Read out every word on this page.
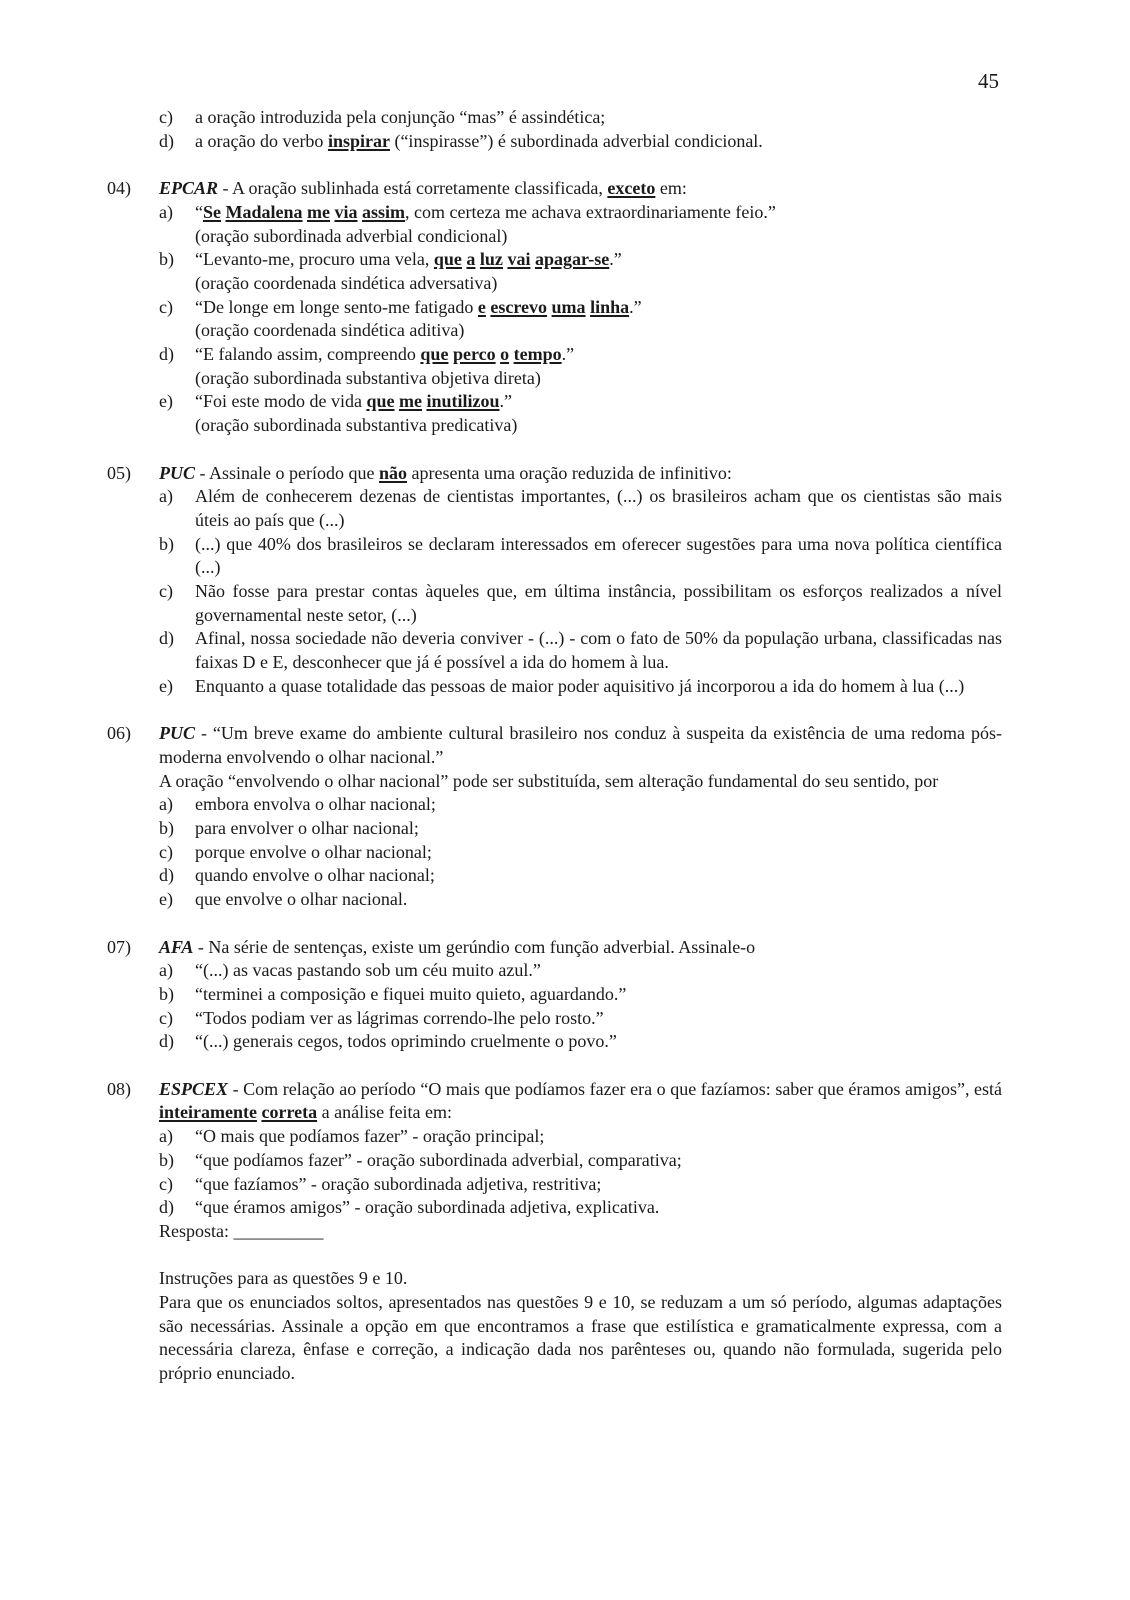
45
c) a oração introduzida pela conjunção “mas” é assindética;
d) a oração do verbo inspirar (“inspirasse”) é subordinada adverbial condicional.
04) EPCAR - A oração sublinhada está corretamente classificada, exceto em:
a) “Se Madalena me via assim, com certeza me achava extraordinariamente feio.”
(oração subordinada adverbial condicional)
b) “Levanto-me, procuro uma vela, que a luz vai apagar-se.”
(oração coordenada sindética adversativa)
c) “De longe em longe sento-me fatigado e escrevo uma linha.”
(oração coordenada sindética aditiva)
d) “E falando assim, compreendo que perco o tempo.”
(oração subordinada substantiva objetiva direta)
e) “Foi este modo de vida que me inutilizou.”
(oração subordinada substantiva predicativa)
05) PUC - Assinale o período que não apresenta uma oração reduzida de infinitivo:
a) Além de conhecerem dezenas de cientistas importantes, (...) os brasileiros acham que os cientistas são mais úteis ao país que (...)
b) (...) que 40% dos brasileiros se declaram interessados em oferecer sugestões para uma nova política científica (...)
c) Não fosse para prestar contas àqueles que, em última instância, possibilitam os esforços realizados a nível governamental neste setor, (...)
d) Afinal, nossa sociedade não deveria conviver - (...) - com o fato de 50% da população urbana, classificadas nas faixas D e E, desconhecer que já é possível a ida do homem à lua.
e) Enquanto a quase totalidade das pessoas de maior poder aquisitivo já incorporou a ida do homem à lua (...)
06) PUC - “Um breve exame do ambiente cultural brasileiro nos conduz à suspeita da existência de uma redoma pós-moderna envolvendo o olhar nacional.”
A oração “envolvendo o olhar nacional” pode ser substituída, sem alteração fundamental do seu sentido, por
a) embora envolva o olhar nacional;
b) para envolver o olhar nacional;
c) porque envolve o olhar nacional;
d) quando envolve o olhar nacional;
e) que envolve o olhar nacional.
07) AFA - Na série de sentenças, existe um gerúndio com função adverbial. Assinale-o
a) “(...) as vacas pastando sob um céu muito azul.”
b) “terminei a composição e fiquei muito quieto, aguardando.”
c) “Todos podiam ver as lágrimas correndo-lhe pelo rosto.”
d) “(...) generais cegos, todos oprimindo cruelmente o povo.”
08) ESPCEX - Com relação ao período “O mais que podíamos fazer era o que fazíamos: saber que éramos amigos”, está inteiramente correta a análise feita em:
a) “O mais que podíamos fazer” - oração principal;
b) “que podíamos fazer” - oração subordinada adverbial, comparativa;
c) “que fazíamos” - oração subordinada adjetiva, restritiva;
d) “que éramos amigos” - oração subordinada adjetiva, explicativa.
Resposta: __________
Instruções para as questões 9 e 10.
Para que os enunciados soltos, apresentados nas questões 9 e 10, se reduzam a um só período, algumas adaptações são necessárias. Assinale a opção em que encontramos a frase que estilística e gramaticalmente expressa, com a necessária clareza, ênfase e correção, a indicação dada nos parênteses ou, quando não formulada, sugerida pelo próprio enunciado.
